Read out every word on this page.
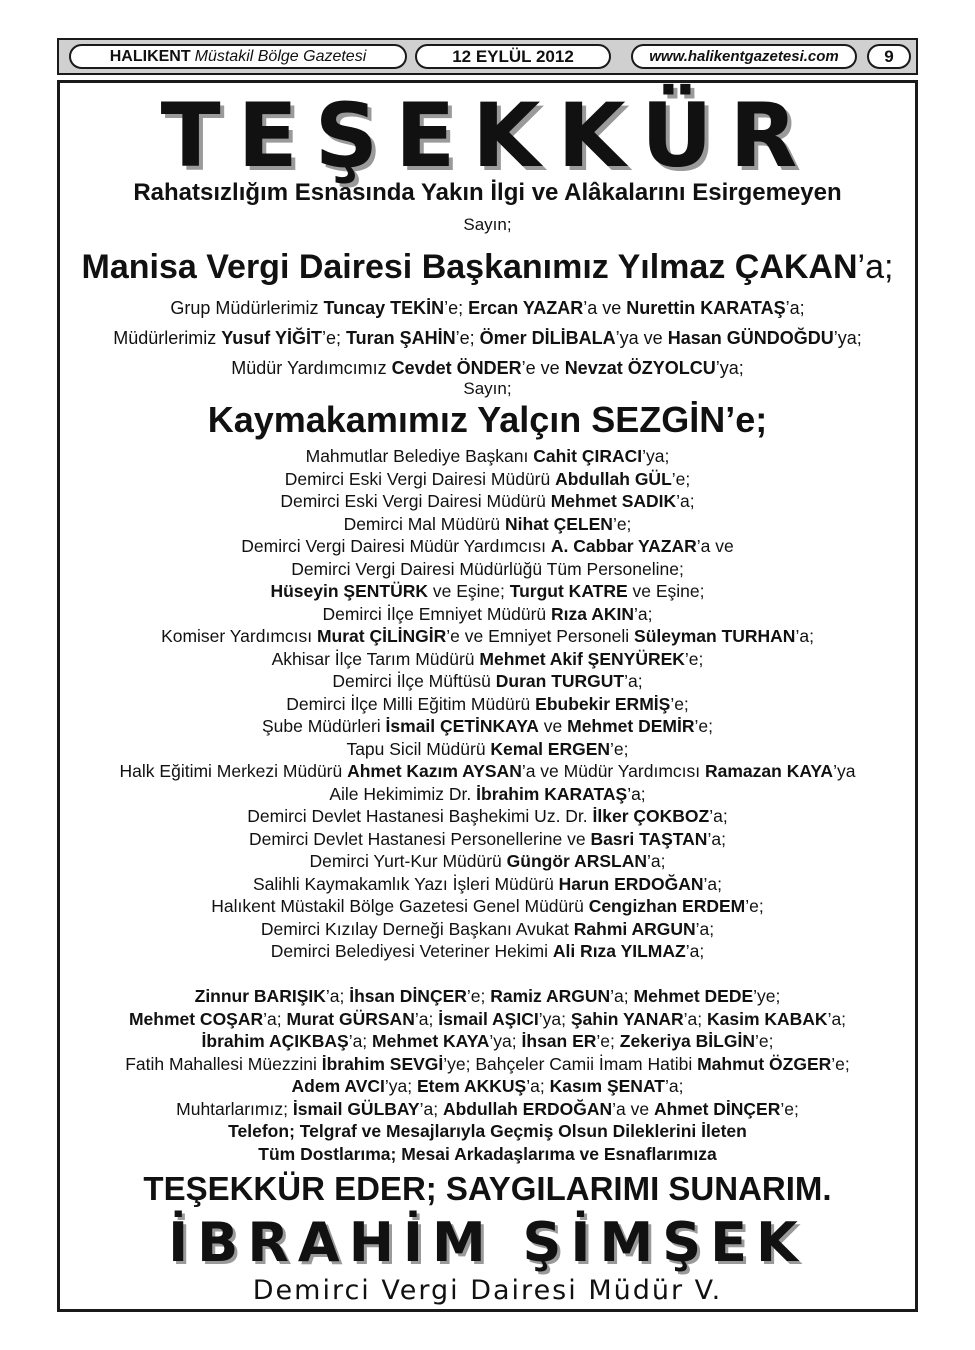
HALIKENT Müstakil Bölge Gazetesi	12 EYLÜL 2012	www.halikentgazetesi.com	9
TEŞEKKÜR
Rahatsızlığım Esnasında Yakın İlgi ve Alâkalarını Esirgemeyen
Sayın;
Manisa Vergi Dairesi Başkanımız Yılmaz ÇAKAN’a;
Grup Müdürlerimiz Tuncay TEKİN’e; Ercan YAZAR’a ve Nurettin KARATAŞ’a;
Müdürlerimiz Yusuf YİĞİT’e; Turan ŞAHİN’e; Ömer DİLİBALA’ya ve Hasan GÜNDOĞDU’ya;
Müdür Yardımcımız Cevdet ÖNDER’e ve Nevzat ÖZYOLCU’ya;
Sayın;
Kaymakamımız Yalçın SEZGİN’e;
Mahmutlar Belediye Başkanı Cahit ÇIRACI’ya;
Demirci Eski Vergi Dairesi Müdürü Abdullah GÜL’e;
Demirci Eski Vergi Dairesi Müdürü Mehmet SADIK’a;
Demirci Mal Müdürü Nihat ÇELEN’e;
Demirci Vergi Dairesi Müdür Yardımcısı A. Cabbar YAZAR’a ve
Demirci Vergi Dairesi Müdürlüğü Tüm Personeline;
Hüseyin ŞENTÜRK ve Eşine; Turgut KATRE ve Eşine;
Demirci İlçe Emniyet Müdürü Rıza AKIN’a;
Komiser Yardımcısı Murat ÇİLİNGİR’e ve Emniyet Personeli Süleyman TURHAN’a;
Akhisar İlçe Tarım Müdürü Mehmet Akif ŞENYÜREK’e;
Demirci İlçe Müftüsü Duran TURGUT’a;
Demirci İlçe Milli Eğitim Müdürü Ebubekir ERMİŞ’e;
Şube Müdürleri İsmail ÇETİNKAYA ve Mehmet DEMİR’e;
Tapu Sicil Müdürü Kemal ERGEN’e;
Halk Eğitimi Merkezi Müdürü Ahmet Kazım AYSAN’a ve Müdür Yardımcısı Ramazan KAYA’ya
Aile Hekimimiz Dr. İbrahim KARATAŞ’a;
Demirci Devlet Hastanesi Başhekimi Uz. Dr. İlker ÇOKBOZ’a;
Demirci Devlet Hastanesi Personellerine ve Basri TAŞTAN’a;
Demirci Yurt-Kur Müdürü Güngör ARSLAN’a;
Salihli Kaymakamlık Yazı İşleri Müdürü Harun ERDOĞAN’a;
Halıkent Müstakil Bölge Gazetesi Genel Müdürü Cengizhan ERDEM’e;
Demirci Kızılay Derneği Başkanı Avukat Rahmi ARGUN’a;
Demirci Belediyesi Veteriner Hekimi Ali Rıza YILMAZ’a;
Zinnur BARIŞIK’a; İhsan DİNÇER’e; Ramiz ARGUN’a; Mehmet DEDE’ye;
Mehmet COŞAR’a; Murat GÜRSAN’a; İsmail AŞICI’ya; Şahin YANAR’a; Kasim KABAK’a;
İbrahim AÇIKBAŞ’a; Mehmet KAYA’ya; İhsan ER’e; Zekeriya BİLGİN’e;
Fatih Mahallesi Müezzini İbrahim SEVGİ’ye; Bahçeler Camii İmam Hatibi Mahmut ÖZGER’e;
Adem AVCI’ya; Etem AKKUŞ’a; Kasım ŞENAT’a;
Muhtarlarımız; İsmail GÜLBAY’a; Abdullah ERDOĞAN’a ve Ahmet DİNÇER’e;
Telefon; Telgraf ve Mesajlarıyla Geçmiş Olsun Dileklerini İleten
Tüm Dostlarıma; Mesai Arkadaşlarıma ve Esnaflarımıza
TEŞEKKÜR EDER; SAYGILARIMI SUNARIM.
İBRAHİM ŞİMŞEK
Demirci Vergi Dairesi Müdür V.
